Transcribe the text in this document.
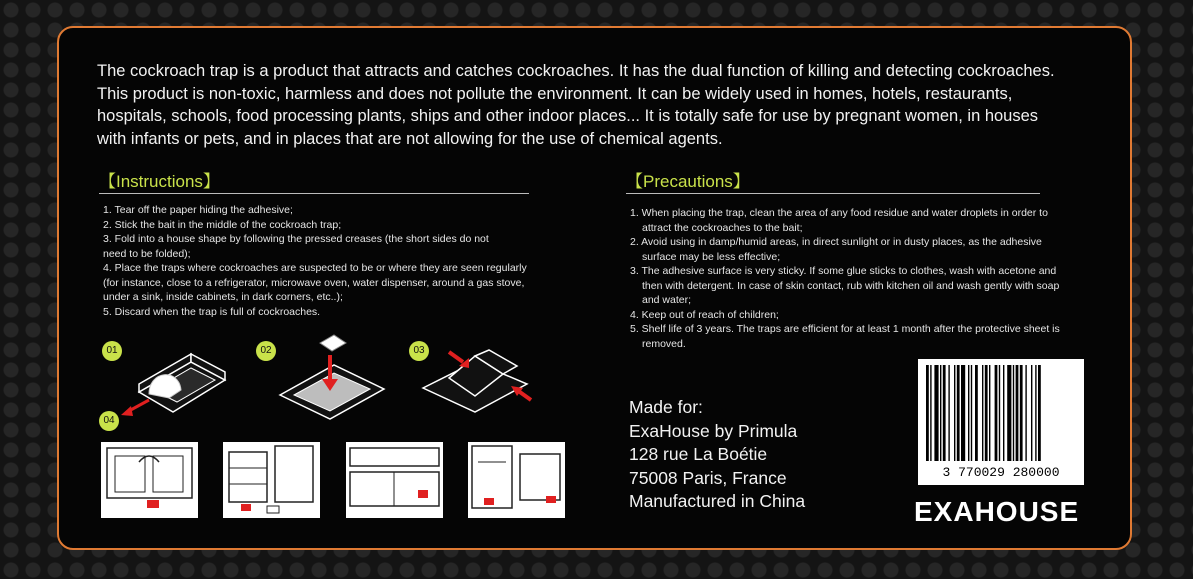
The cockroach trap is a product that attracts and catches cockroaches. It has the dual function of killing and detecting cockroaches. This product is non-toxic, harmless and does not pollute the environment. It can be widely used in homes, hotels, restaurants, hospitals, schools, food processing plants, ships and other indoor places... It is totally safe for use by pregnant women, in houses with infants or pets, and in places that are not allowing for the use of chemical agents.

【Instructions】
1. Tear off the paper hiding the adhesive;
2. Stick the bait in the middle of the cockroach trap;
3. Fold into a house shape by following the pressed creases (the short sides do not
need to be folded);
4. Place the traps where cockroaches are suspected to be or where they are seen regularly
(for instance, close to a refrigerator, microwave oven, water dispenser, around a gas stove,
under a sink, inside cabinets, in dark corners, etc..);
5. Discard when the trap is full of cockroaches.
01	02	03
04
【Precautions】
1. When placing the trap, clean the area of any food residue and water droplets in order to attract the cockroaches to the bait;
2. Avoid using in damp/humid areas, in direct sunlight or in dusty places, as the adhesive surface may be less effective;
3. The adhesive surface is very sticky. If some glue sticks to clothes, wash with acetone and then with detergent. In case of skin contact, rub with kitchen oil and wash gently with soap and water;
4. Keep out of reach of children;
5. Shelf life of 3 years. The traps are efficient for at least 1 month after the protective sheet is removed.
Made for:
ExaHouse by Primula
128 rue La Boétie
75008 Paris, France
Manufactured in China
3 770029 280000
EXAHOUSE
